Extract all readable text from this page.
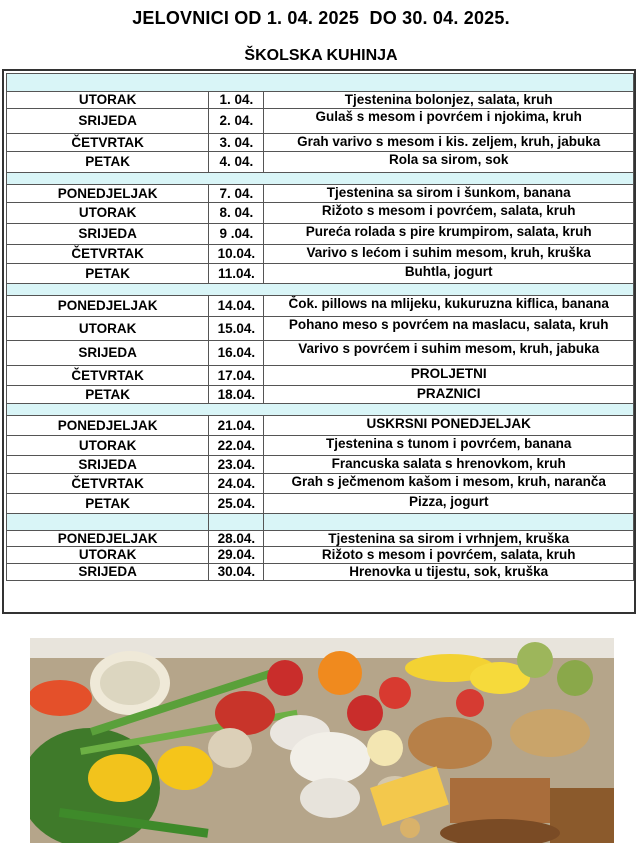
JELOVNICI OD 1. 04. 2025  DO 30. 04. 2025.
ŠKOLSKA KUHINJA

UTORAK	1. 04.	Tjestenina bolonjez, salata, kruh
SRIJEDA	2. 04.	Gulaš s mesom i povrćem i njokima, kruh
ČETVRTAK	3. 04.	Grah varivo s mesom i kis. zeljem, kruh, jabuka
PETAK	4. 04.	Rola sa sirom, sok

PONEDJELJAK	7. 04.	Tjestenina sa sirom i šunkom, banana
UTORAK	8. 04.	Rižoto s mesom i povrćem, salata, kruh
SRIJEDA	9 .04.	Pureća rolada s pire krumpirom, salata, kruh
ČETVRTAK	10.04.	Varivo s lećom i suhim mesom, kruh, kruška
PETAK	11.04.	Buhtla, jogurt

PONEDJELJAK	14.04.	Čok. pillows na mlijeku, kukuruzna kiflica, banana
UTORAK	15.04.	Pohano meso s povrćem na maslacu, salata, kruh
SRIJEDA	16.04.	Varivo s povrćem i suhim mesom, kruh, jabuka
ČETVRTAK	17.04.	PROLJETNI
PETAK	18.04.	PRAZNICI

PONEDJELJAK	21.04.	USKRSNI PONEDJELJAK
UTORAK	22.04.	Tjestenina s tunom i povrćem, banana
SRIJEDA	23.04.	Francuska salata s hrenovkom, kruh
ČETVRTAK	24.04.	Grah s ječmenom kašom i mesom, kruh, naranča
PETAK	25.04.	Pizza, jogurt

PONEDJELJAK	28.04.	Tjestenina sa sirom i vrhnjem, kruška
UTORAK	29.04.	Rižoto s mesom i povrćem, salata, kruh
SRIJEDA	30.04.	Hrenovka u tijestu, sok, kruška
